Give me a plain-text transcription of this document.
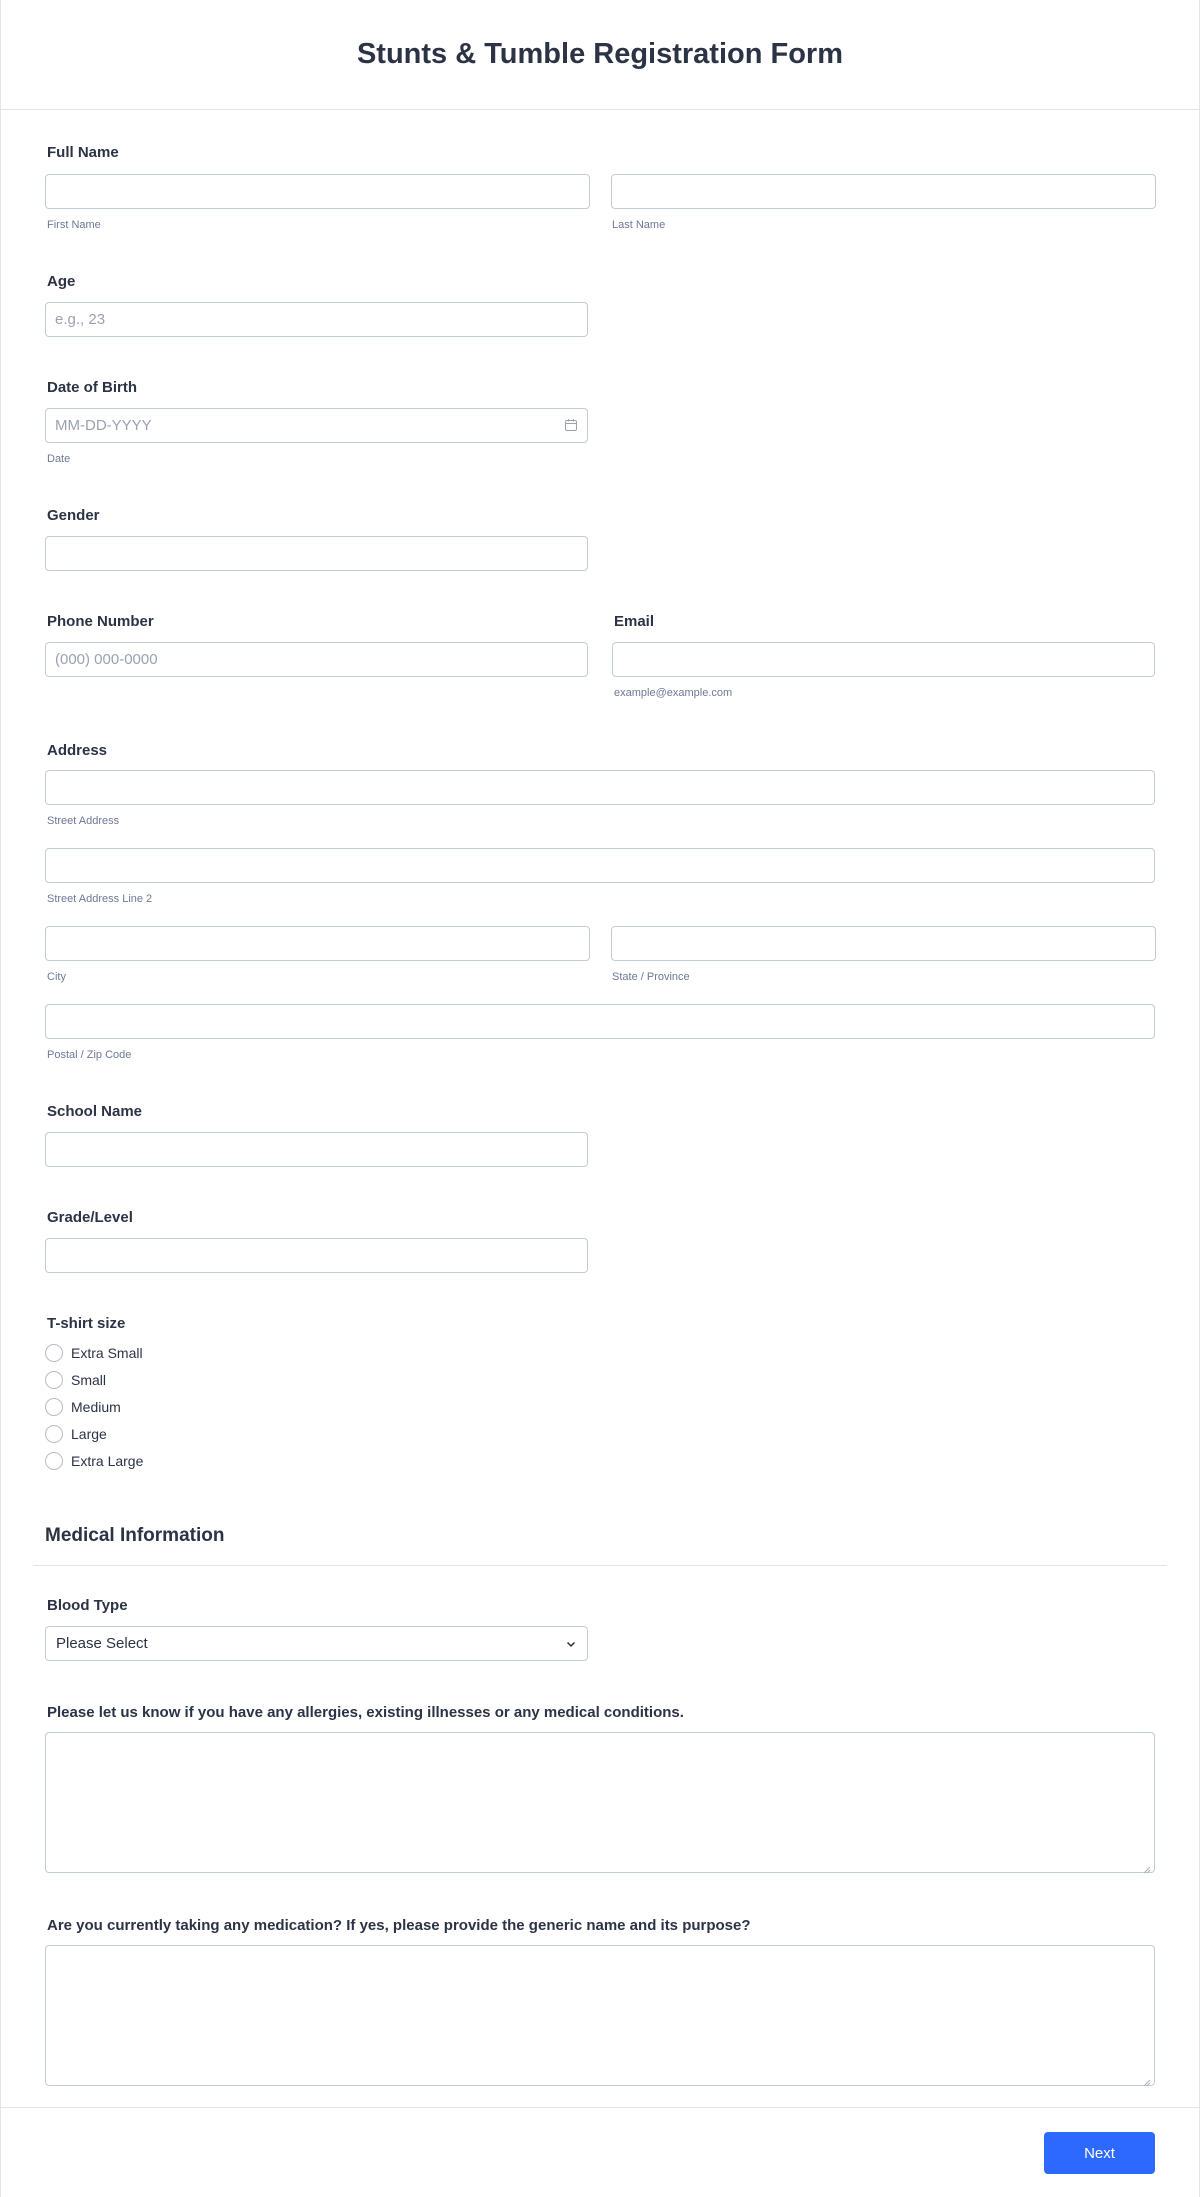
Stunts & Tumble Registration Form
Full Name
First Name	Last Name
Age
e.g., 23
Date of Birth
MM-DD-YYYY
Date
Gender
Phone Number
(000) 000-0000	Email
example@example.com
Address
Street Address
Street Address Line 2
City	State / Province
Postal / Zip Code
School Name
Grade/Level
T-shirt size
Extra Small
Small
Medium
Large
Extra Large
Medical Information
Blood Type
Please Select
Please let us know if you have any allergies, existing illnesses or any medical conditions.
Are you currently taking any medication? If yes, please provide the generic name and its purpose?
Next
